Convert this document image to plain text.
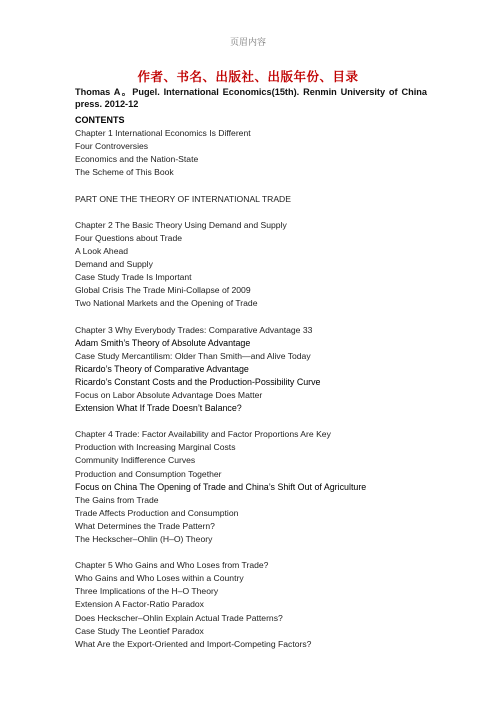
页眉内容
作者、书名、出版社、出版年份、目录
Thomas A。Pugel. International Economics(15th). Renmin University of China press. 2012-12
CONTENTS
Chapter 1 International Economics Is Different
Four Controversies
Economics and the Nation-State
The Scheme of This Book
PART ONE THE THEORY OF INTERNATIONAL TRADE
Chapter 2 The Basic Theory Using Demand and Supply
Four Questions about Trade
A Look Ahead
Demand and Supply
Case Study Trade Is Important
Global Crisis The Trade Mini-Collapse of 2009
Two National Markets and the Opening of Trade
Chapter 3 Why Everybody Trades: Comparative Advantage 33
Adam Smith’s Theory of Absolute Advantage
Case Study Mercantilism: Older Than Smith—and Alive Today
Ricardo’s Theory of Comparative Advantage
Ricardo’s Constant Costs and the Production-Possibility Curve
Focus on Labor Absolute Advantage Does Matter
Extension What If Trade Doesn’t Balance?
Chapter 4 Trade: Factor Availability and Factor Proportions Are Key
Production with Increasing Marginal Costs
Community Indifference Curves
Production and Consumption Together
Focus on China The Opening of Trade and China’s Shift Out of Agriculture
The Gains from Trade
Trade Affects Production and Consumption
What Determines the Trade Pattern?
The Heckscher–Ohlin (H–O) Theory
Chapter 5 Who Gains and Who Loses from Trade?
Who Gains and Who Loses within a Country
Three Implications of the H–O Theory
Extension A Factor-Ratio Paradox
Does Heckscher–Ohlin Explain Actual Trade Patterns?
Case Study The Leontief Paradox
What Are the Export-Oriented and Import-Competing Factors?
